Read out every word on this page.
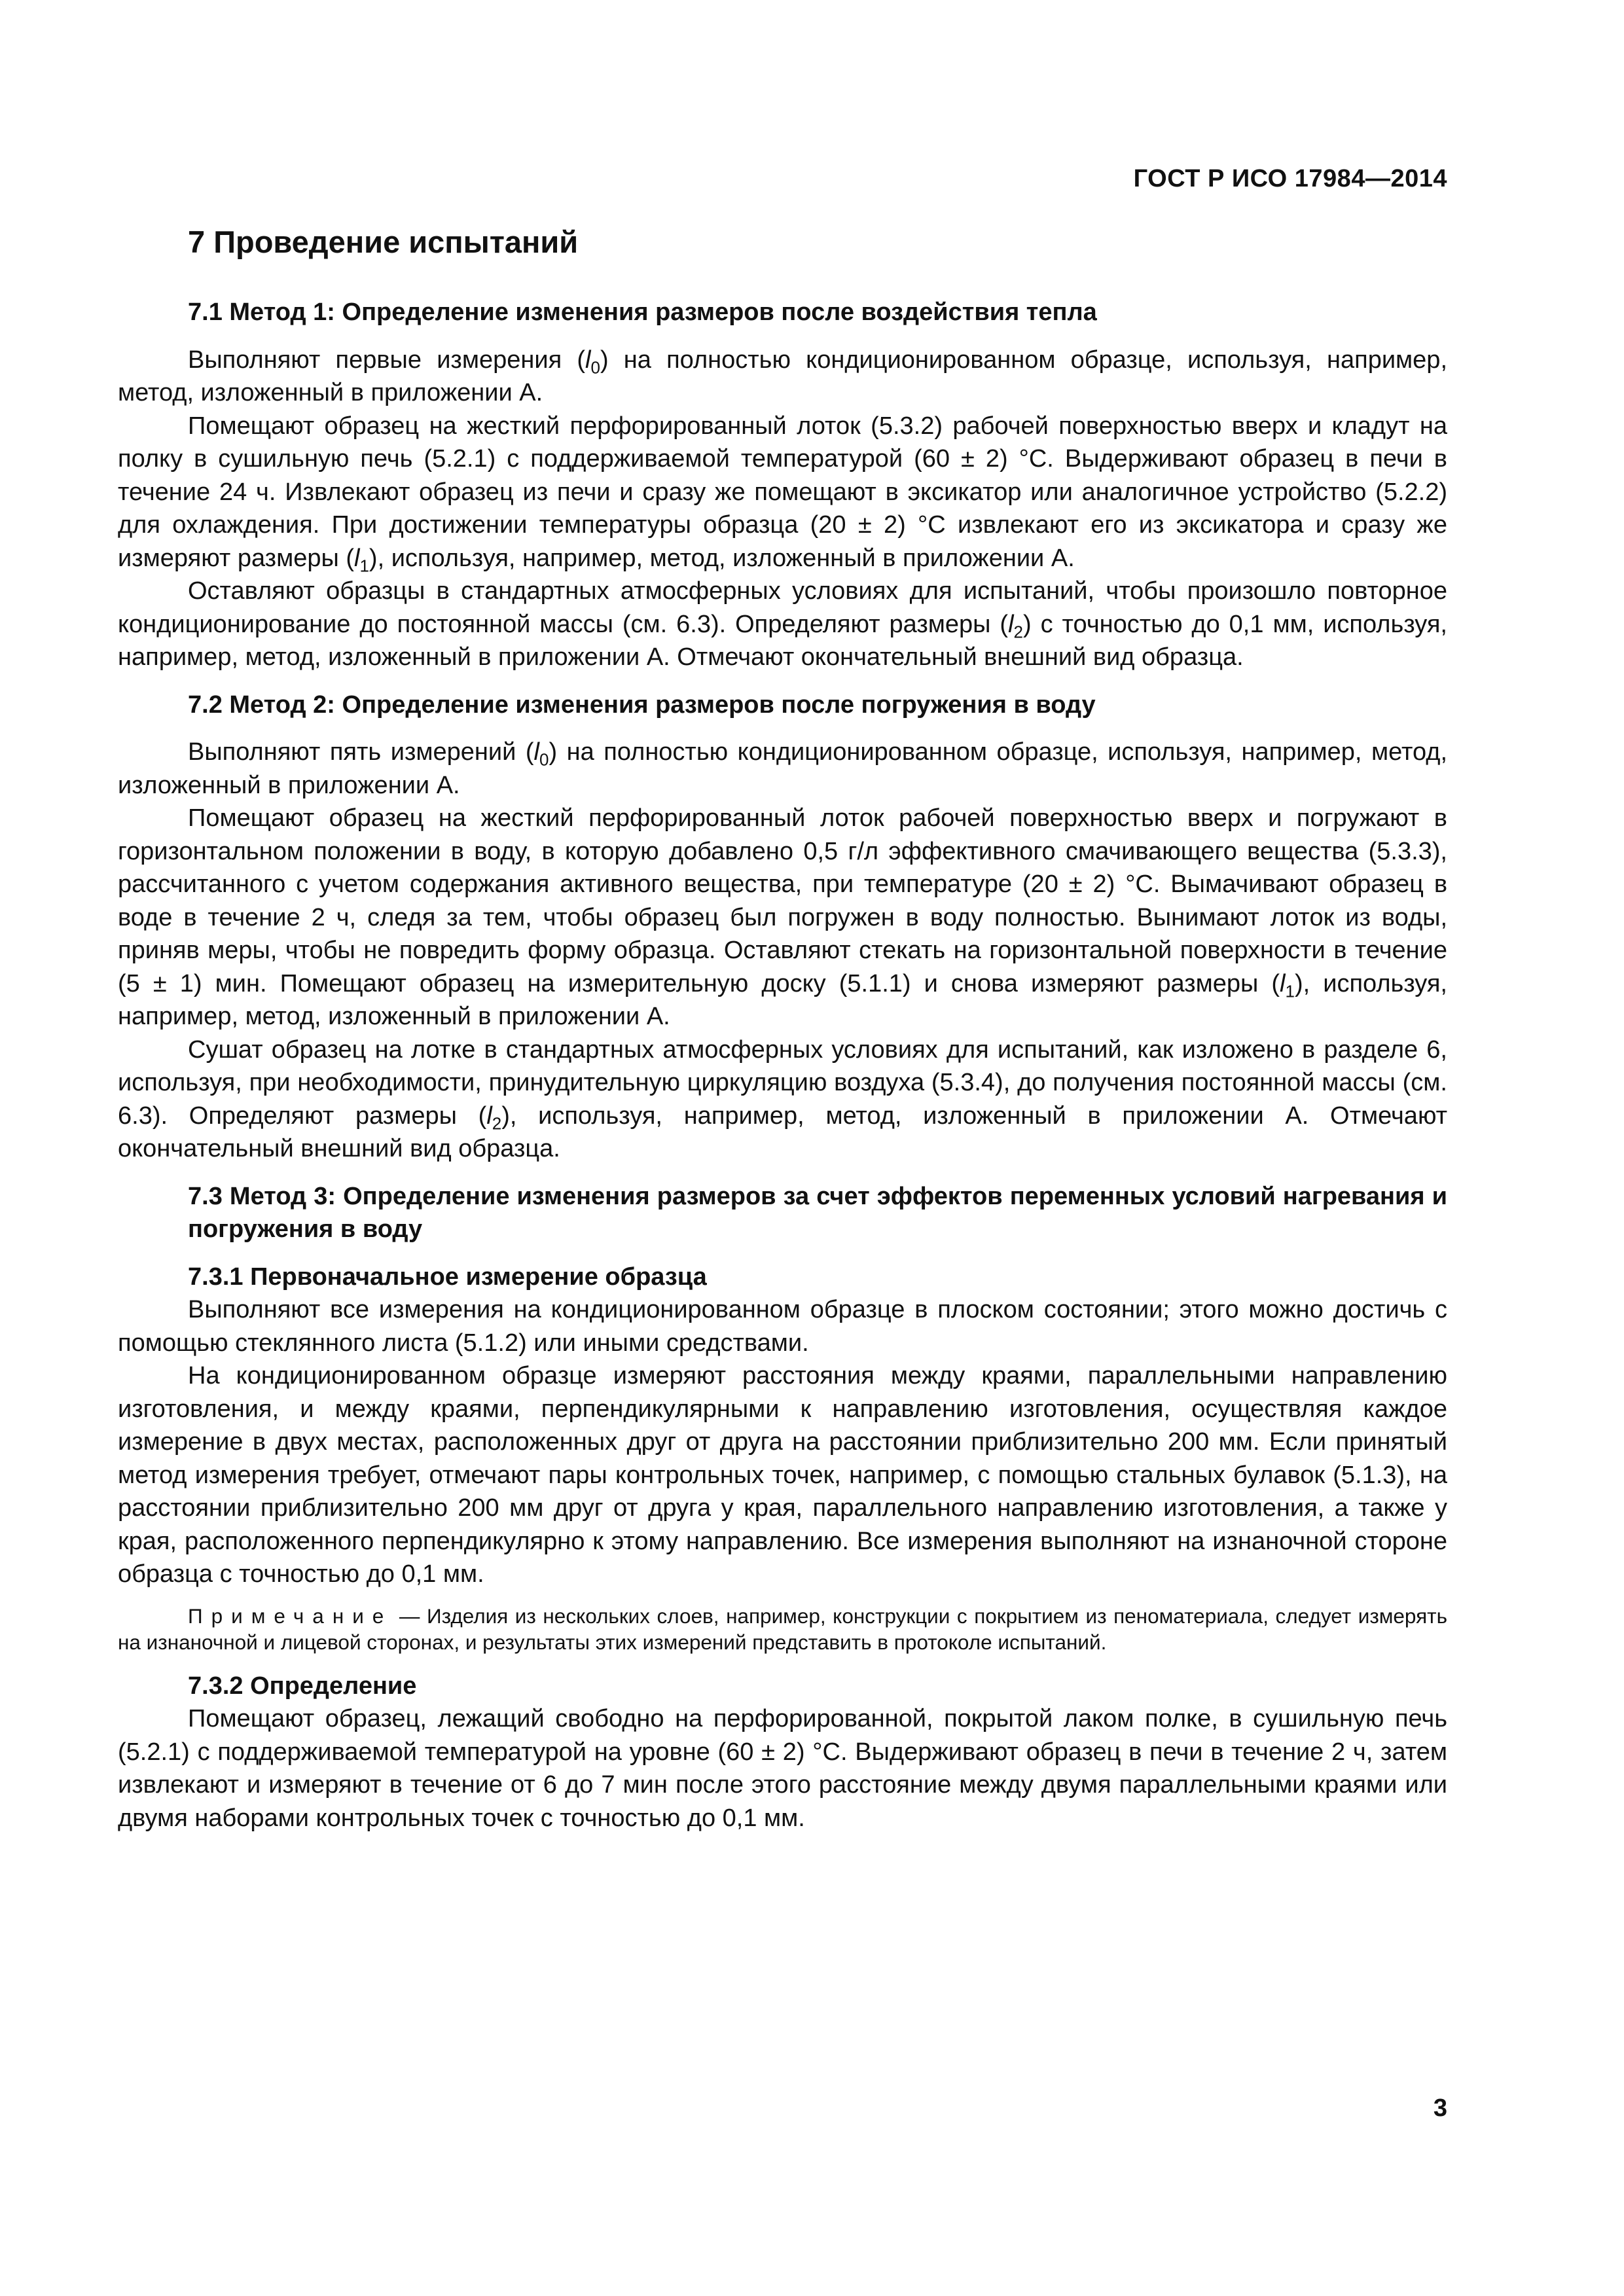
ГОСТ Р ИСО 17984—2014
7 Проведение испытаний
7.1 Метод 1: Определение изменения размеров после воздействия тепла

Выполняют первые измерения $(l_0)$ на полностью кондиционированном образце, используя, например, метод, изложенный в приложении А.

Помещают образец на жесткий перфорированный лоток (5.3.2) рабочей поверхностью вверх и кладут на полку в сушильную печь (5.2.1) с поддерживаемой температурой (60 ± 2) °С. Выдерживают образец в печи в течение 24 ч. Извлекают образец из печи и сразу же помещают в эксикатор или аналогичное устройство (5.2.2) для охлаждения. При достижении температуры образца (20 ± 2) °С извлекают его из эксикатора и сразу же измеряют размеры $(l_1)$, используя, например, метод, изложенный в приложении А.

Оставляют образцы в стандартных атмосферных условиях для испытаний, чтобы произошло повторное кондиционирование до постоянной массы (см. 6.3). Определяют размеры $(l_2)$ с точностью до 0,1 мм, используя, например, метод, изложенный в приложении А. Отмечают окончательный внешний вид образца.

7.2 Метод 2: Определение изменения размеров после погружения в воду

Выполняют пять измерений $(l_0)$ на полностью кондиционированном образце, используя, например, метод, изложенный в приложении А.

Помещают образец на жесткий перфорированный лоток рабочей поверхностью вверх и погружают в горизонтальном положении в воду, в которую добавлено 0,5 г/л эффективного смачивающего вещества (5.3.3), рассчитанного с учетом содержания активного вещества, при температуре (20 ± 2) °С. Вымачивают образец в воде в течение 2 ч, следя за тем, чтобы образец был погружен в воду полностью. Вынимают лоток из воды, приняв меры, чтобы не повредить форму образца. Оставляют стекать на горизонтальной поверхности в течение (5 ± 1) мин. Помещают образец на измерительную доску (5.1.1) и снова измеряют размеры $(l_1)$, используя, например, метод, изложенный в приложении А.

Сушат образец на лотке в стандартных атмосферных условиях для испытаний, как изложено в разделе 6, используя, при необходимости, принудительную циркуляцию воздуха (5.3.4), до получения постоянной массы (см. 6.3). Определяют размеры $(l_2)$, используя, например, метод, изложенный в приложении А. Отмечают окончательный внешний вид образца.

7.3 Метод 3: Определение изменения размеров за счет эффектов переменных условий нагревания и погружения в воду
7.3.1 Первоначальное измерение образца

Выполняют все измерения на кондиционированном образце в плоском состоянии; этого можно достичь с помощью стеклянного листа (5.1.2) или иными средствами.

На кондиционированном образце измеряют расстояния между краями, параллельными направлению изготовления, и между краями, перпендикулярными к направлению изготовления, осуществляя каждое измерение в двух местах, расположенных друг от друга на расстоянии приблизительно 200 мм. Если принятый метод измерения требует, отмечают пары контрольных точек, например, с помощью стальных булавок (5.1.3), на расстоянии приблизительно 200 мм друг от друга у края, параллельного направлению изготовления, а также у края, расположенного перпендикулярно к этому направлению. Все измерения выполняют на изнаночной стороне образца с точностью до 0,1 мм.

Примечание — Изделия из нескольких слоев, например, конструкции с покрытием из пеноматериала, следует измерять на изнаночной и лицевой сторонах, и результаты этих измерений представить в протоколе испытаний.
7.3.2 Определение

Помещают образец, лежащий свободно на перфорированной, покрытой лаком полке, в сушильную печь (5.2.1) с поддерживаемой температурой на уровне (60 ± 2) °С. Выдерживают образец в печи в течение 2 ч, затем извлекают и измеряют в течение от 6 до 7 мин после этого расстояние между двумя параллельными краями или двумя наборами контрольных точек с точностью до 0,1 мм.

3
